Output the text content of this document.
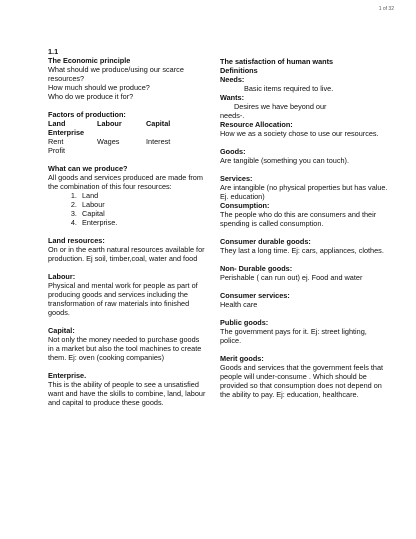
1 of 32

1.1

The Economic principle

What should we produce/using our scarce resources?

How much should we produce?

Who do we produce it for?

Factors of production:

Land	Labour	Capital

Enterprise

Rent	Wages	Interest

Profit

What can we produce?

All goods and services produced are made from the combination of this four resources:

1. Land
2. Labour
3. Capital
4. Enterprise.

Land resources:

On or in the earth natural resources available for production. Ej soil, timber,coal, water and food

Labour:

Physical and mental work for people as part of producing goods and services including the transformation of raw materials into finished goods.

Capital:

Not only the money needed to purchase goods in a market but also the tool machines to create them. Ej: oven (cooking companies)

Enterprise.

This is the ability of people to see a unsatisfied want and have the skills to combine, land, labour and capital to produce these goods.

The satisfaction of human wants

Definitions

Needs:

Basic items required to live.

Wants:

Desires we have beyond our

needs-.

Resource Allocation:

How we as a society chose to use our resources.

Goods:

Are tangible (something you can touch).

Services:

Are intangible (no physical properties but has value. Ej. education)

Consumption:

The people who do this are consumers and their spending is called consumption.

Consumer durable goods:

They last a long time. Ej: cars, appliances, clothes.

Non- Durable goods:

Perishable ( can run out) ej. Food and water

Consumer services:

Health care

Public goods:

The government pays for it. Ej: street lighting, police.

Merit goods:

Goods and services that the government feels that people will under-consume . Which should be provided so that consumption does not depend on the ability to pay. Ej: education, healthcare.
